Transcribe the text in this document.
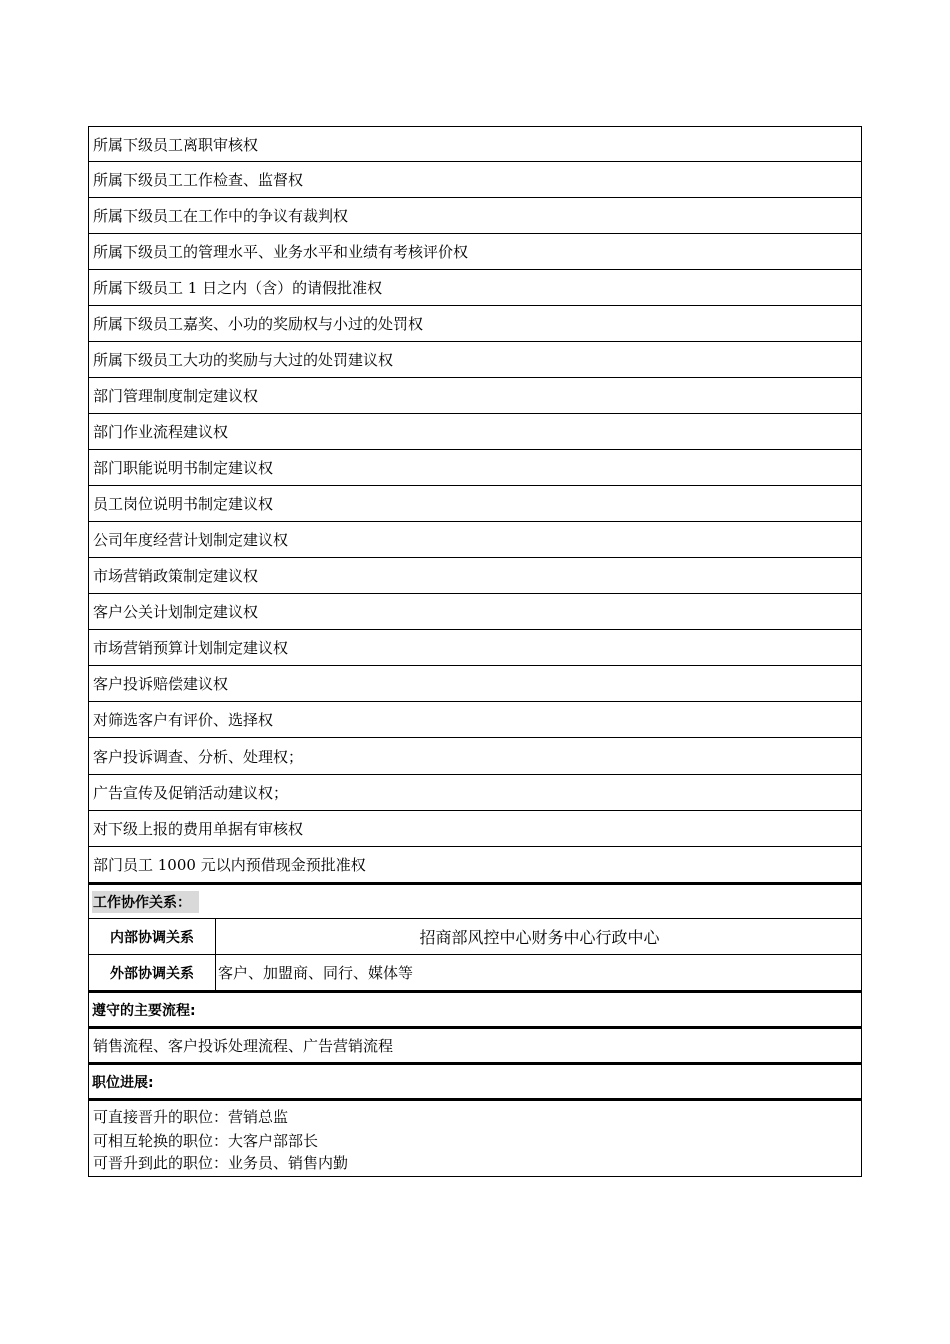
所属下级员工离职审核权
所属下级员工工作检查、监督权
所属下级员工在工作中的争议有裁判权
所属下级员工的管理水平、业务水平和业绩有考核评价权
所属下级员工 1 日之内（含）的请假批准权
所属下级员工嘉奖、小功的奖励权与小过的处罚权
所属下级员工大功的奖励与大过的处罚建议权
部门管理制度制定建议权
部门作业流程建议权
部门职能说明书制定建议权
员工岗位说明书制定建议权
公司年度经营计划制定建议权
市场营销政策制定建议权
客户公关计划制定建议权
市场营销预算计划制定建议权
客户投诉赔偿建议权
对筛选客户有评价、选择权
客户投诉调查、分析、处理权；
广告宣传及促销活动建议权；
对下级上报的费用单据有审核权
部门员工 1000 元以内预借现金预批准权
工作协作关系：
内部协调关系	招商部风控中心财务中心行政中心
外部协调关系	客户、加盟商、同行、媒体等
遵守的主要流程:
销售流程、客户投诉处理流程、广告营销流程
职位进展:
可直接晋升的职位：营销总监
可相互轮换的职位：大客户部部长
可晋升到此的职位：业务员、销售内勤
